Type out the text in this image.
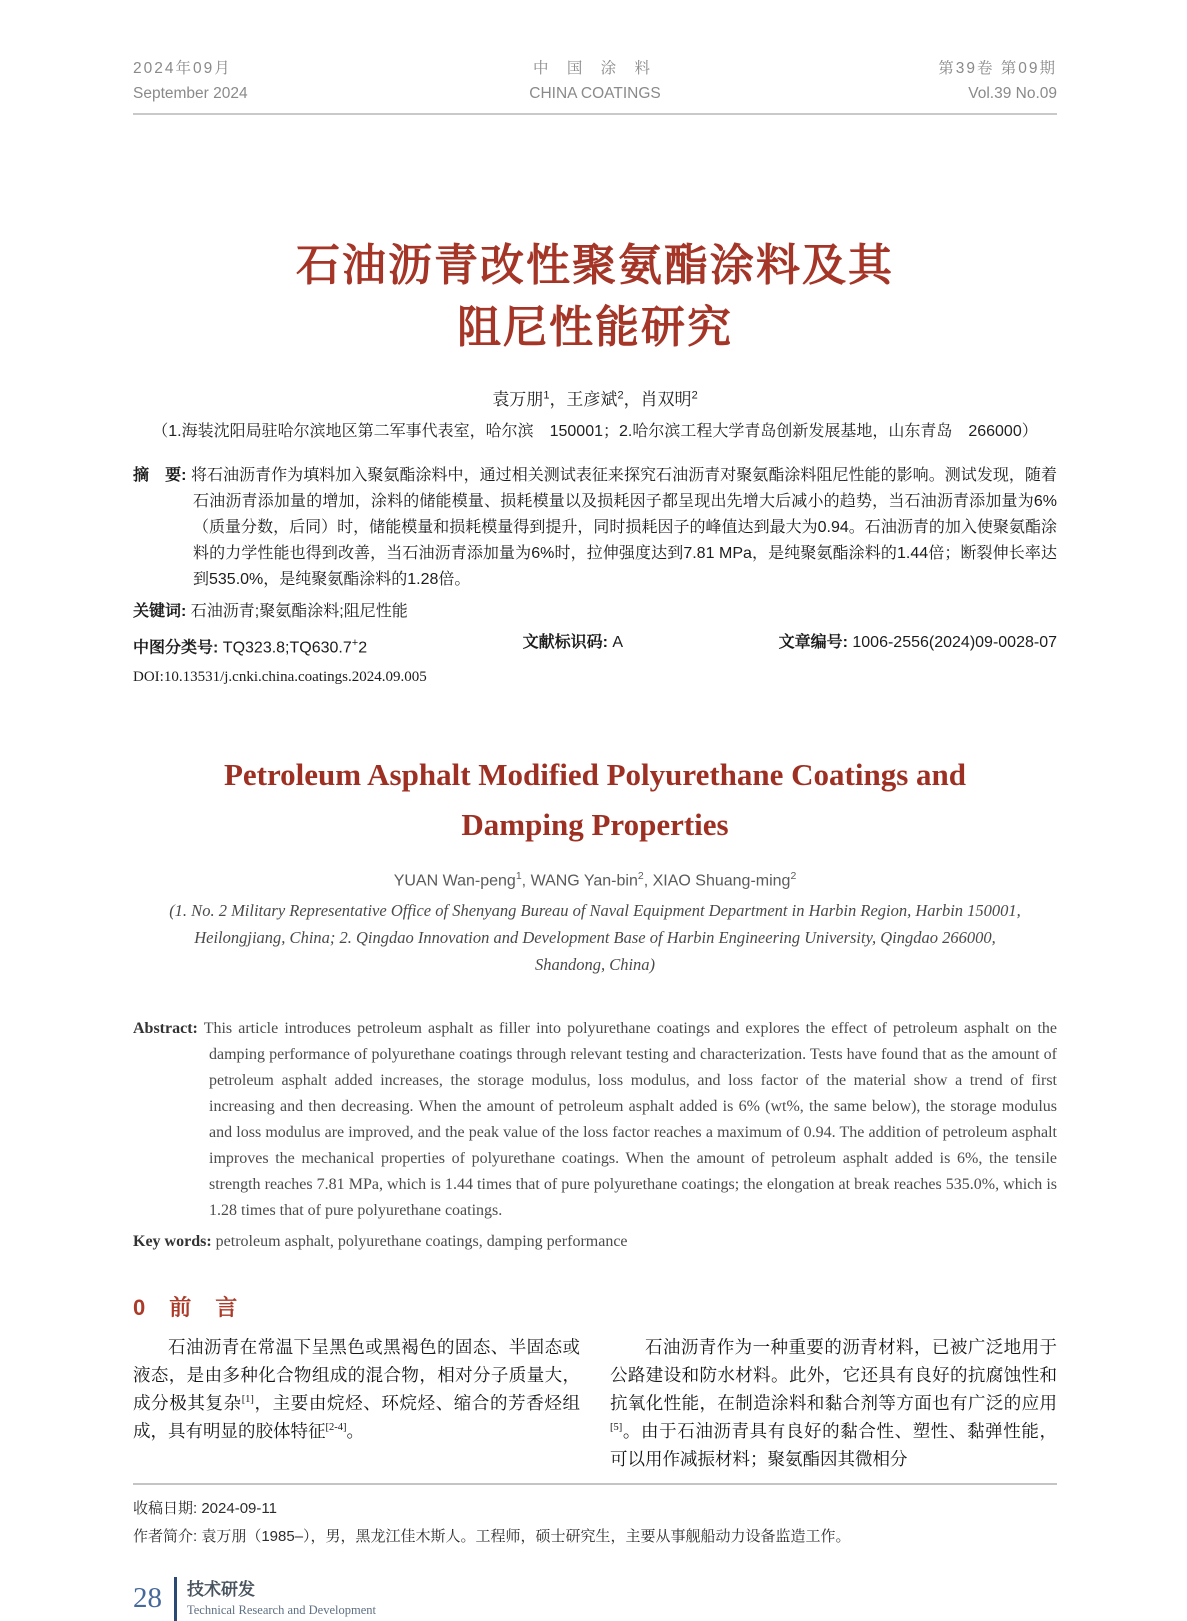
2024年09月
September 2024
中 国 涂 料
CHINA COATINGS
第39卷 第09期
Vol.39 No.09
石油沥青改性聚氨酯涂料及其
阻尼性能研究
袁万朋$^1$，王彦斌$^2$，肖双明$^2$
（1.海装沈阳局驻哈尔滨地区第二军事代表室，哈尔滨　150001；2.哈尔滨工程大学青岛创新发展基地，山东青岛　266000）
摘　要: 将石油沥青作为填料加入聚氨酯涂料中，通过相关测试表征来探究石油沥青对聚氨酯涂料阻尼性能的影响。测试发现，随着石油沥青添加量的增加，涂料的储能模量、损耗模量以及损耗因子都呈现出先增大后减小的趋势，当石油沥青添加量为6%（质量分数，后同）时，储能模量和损耗模量得到提升，同时损耗因子的峰值达到最大为0.94。石油沥青的加入使聚氨酯涂料的力学性能也得到改善，当石油沥青添加量为6%时，拉伸强度达到7.81 MPa，是纯聚氨酯涂料的1.44倍；断裂伸长率达到535.0%，是纯聚氨酯涂料的1.28倍。
关键词: 石油沥青;聚氨酯涂料;阻尼性能
中图分类号: TQ323.8;TQ630.7+2	文献标识码: A	文章编号: 1006-2556(2024)09-0028-07
DOI:10.13531/j.cnki.china.coatings.2024.09.005
Petroleum Asphalt Modified Polyurethane Coatings and
Damping Properties
YUAN Wan-peng$^1$, WANG Yan-bin$^2$, XIAO Shuang-ming$^2$
(1. No. 2 Military Representative Office of Shenyang Bureau of Naval Equipment Department in Harbin Region, Harbin 150001,
Heilongjiang, China; 2. Qingdao Innovation and Development Base of Harbin Engineering University, Qingdao 266000,
Shandong, China)
Abstract: This article introduces petroleum asphalt as filler into polyurethane coatings and explores the effect of petroleum asphalt on the damping performance of polyurethane coatings through relevant testing and characterization. Tests have found that as the amount of petroleum asphalt added increases, the storage modulus, loss modulus, and loss factor of the material show a trend of first increasing and then decreasing. When the amount of petroleum asphalt added is 6% (wt%, the same below), the storage modulus and loss modulus are improved, and the peak value of the loss factor reaches a maximum of 0.94. The addition of petroleum asphalt improves the mechanical properties of polyurethane coatings. When the amount of petroleum asphalt added is 6%, the tensile strength reaches 7.81 MPa, which is 1.44 times that of pure polyurethane coatings; the elongation at break reaches 535.0%, which is 1.28 times that of pure polyurethane coatings.
Key words: petroleum asphalt, polyurethane coatings, damping performance
0　前　言

石油沥青在常温下呈黑色或黑褐色的固态、半固态或液态，是由多种化合物组成的混合物，相对分子质量大，成分极其复杂[1]，主要由烷烃、环烷烃、缩合的芳香烃组成，具有明显的胶体特征[2-4]。

石油沥青作为一种重要的沥青材料，已被广泛地用于公路建设和防水材料。此外，它还具有良好的抗腐蚀性和抗氧化性能，在制造涂料和黏合剂等方面也有广泛的应用[5]。由于石油沥青具有良好的黏合性、塑性、黏弹性能，可以用作减振材料；聚氨酯因其微相分

收稿日期: 2024-09-11
作者简介: 袁万朋（1985–），男，黑龙江佳木斯人。工程师，硕士研究生，主要从事舰船动力设备监造工作。
28 技术研发
Technical Research and Development
